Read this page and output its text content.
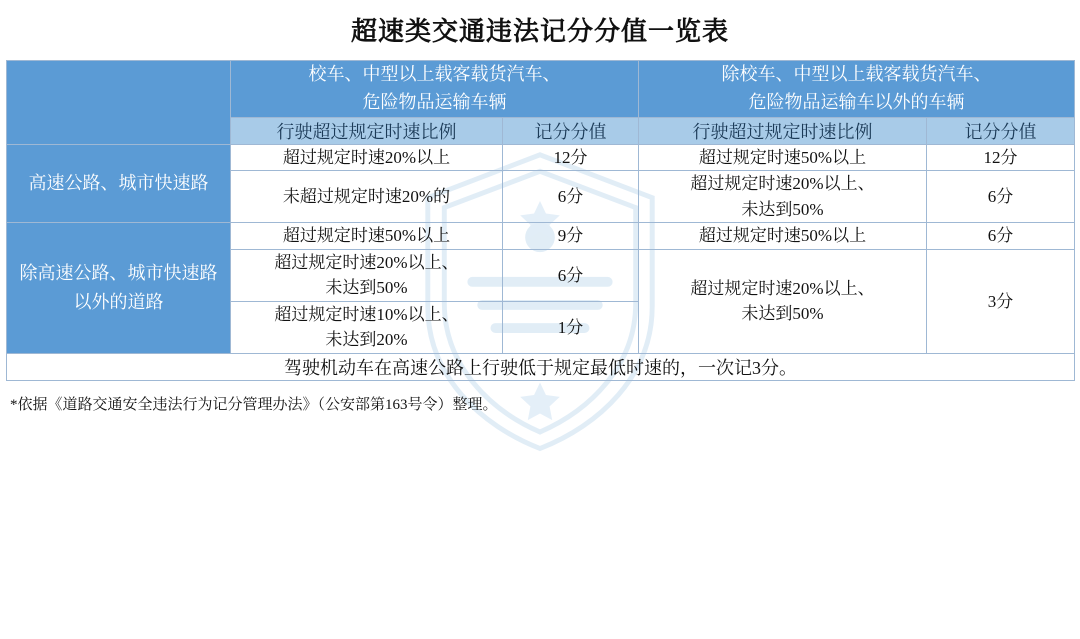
超速类交通违法记分分值一览表

	校车、中型以上载客载货汽车、
危险物品运输车辆		除校车、中型以上载客载货汽车、
危险物品运输车以外的车辆	

	行驶超过规定时速比例	记分分值	行驶超过规定时速比例	记分分值
高速公路、城市快速路	超过规定时速20%以上	12分	超过规定时速50%以上	12分
	未超过规定时速20%的	6分	超过规定时速20%以上、
未达到50%	6分

除高速公路、城市快速路
以外的道路	超过规定时速50%以上	9分	超过规定时速50%以上	6分

	超过规定时速20%以上、
未达到50%	6分	超过规定时速20%以上、
未达到50%	3分

	超过规定时速10%以上、
未达到20%	1分		
驾驶机动车在高速公路上行驶低于规定最低时速的，一次记3分。				
*依据《道路交通安全违法行为记分管理办法》（公安部第163号令）整理。
